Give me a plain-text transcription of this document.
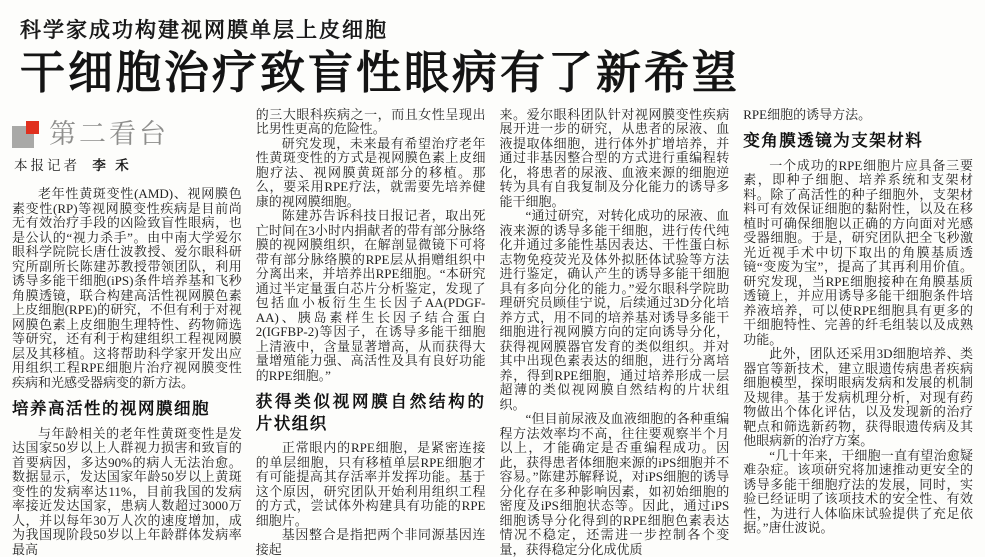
科学家成功构建视网膜单层上皮细胞
干细胞治疗致盲性眼病有了新希望
第二看台
本报记者 李 禾

老年性黄斑变性(AMD)、视网膜色素变性(RP)等视网膜变性疾病是目前尚无有效治疗手段的凶险致盲性眼病，也是公认的“视力杀手”。由中南大学爱尔眼科学院院长唐仕波教授、爱尔眼科研究所副所长陈建苏教授带领团队，利用诱导多能干细胞(iPS)条件培养基和飞秒角膜透镜，联合构建高活性视网膜色素上皮细胞(RPE)的研究，不但有利于对视网膜色素上皮细胞生理特性、药物筛选等研究，还有利于构建组织工程视网膜层及其移植。这将帮助科学家开发出应用组织工程RPE细胞片治疗视网膜变性疾病和光感受器病变的新方法。

培养高活性的视网膜细胞

与年龄相关的老年性黄斑变性是发达国家50岁以上人群视力损害和致盲的首要病因，多达90%的病人无法治愈。数据显示，发达国家年龄50岁以上黄斑变性的发病率达11%，目前我国的发病率接近发达国家，患病人数超过3000万人，并以每年30万人次的速度增加，成为我国现阶段50岁以上年龄群体发病率最高

的三大眼科疾病之一，而且女性呈现出比男性更高的危险性。

研究发现，未来最有希望治疗老年性黄斑变性的方式是视网膜色素上皮细胞疗法、视网膜黄斑部分的移植。那么，要采用RPE疗法，就需要先培养健康的视网膜细胞。

陈建苏告诉科技日报记者，取出死亡时间在3小时内捐献者的带有部分脉络膜的视网膜组织，在解剖显微镜下可将带有部分脉络膜的RPE层从捐赠组织中分离出来，并培养出RPE细胞。“本研究通过半定量蛋白芯片分析鉴定，发现了包括血小板衍生生长因子AA(PDGF-AA)、胰岛素样生长因子结合蛋白2(IGFBP-2)等因子，在诱导多能干细胞上清液中，含量显著增高，从而获得大量增殖能力强、高活性及具有良好功能的RPE细胞。”

获得类似视网膜自然结构的片状组织

正常眼内的RPE细胞，是紧密连接的单层细胞，只有移植单层RPE细胞才有可能提高其存活率并发挥功能。基于这个原因，研究团队开始利用组织工程的方式，尝试体外构建具有功能的RPE细胞片。

基因整合是指把两个非同源基因连接起

来。爱尔眼科团队针对视网膜变性疾病展开进一步的研究，从患者的尿液、血液提取体细胞，进行体外扩增培养，并通过非基因整合型的方式进行重编程转化，将患者的尿液、血液来源的细胞逆转为具有自我复制及分化能力的诱导多能干细胞。

“通过研究，对转化成功的尿液、血液来源的诱导多能干细胞，进行传代纯化并通过多能性基因表达、干性蛋白标志物免疫荧光及体外拟胚体试验等方法进行鉴定，确认产生的诱导多能干细胞具有多向分化的能力。”爱尔眼科学院助理研究员顾佳宁说，后续通过3D分化培养方式，用不同的培养基对诱导多能干细胞进行视网膜方向的定向诱导分化，获得视网膜器官发育的类似组织。并对其中出现色素表达的细胞，进行分离培养，得到RPE细胞，通过培养形成一层超薄的类似视网膜自然结构的片状组织。

“但目前尿液及血液细胞的各种重编程方法效率均不高，往往要观察半个月以上，才能确定是否重编程成功。因此，获得患者体细胞来源的iPS细胞并不容易。”陈建苏解释说，对iPS细胞的诱导分化存在多种影响因素，如初始细胞的密度及iPS细胞状态等。因此，通过iPS细胞诱导分化得到的RPE细胞色素表达情况不稳定，还需进一步控制各个变量，获得稳定分化成优质

RPE细胞的诱导方法。

变角膜透镜为支架材料

一个成功的RPE细胞片应具备三要素，即种子细胞、培养系统和支架材料。除了高活性的种子细胞外，支架材料可有效保证细胞的黏附性，以及在移植时可确保细胞以正确的方向面对光感受器细胞。于是，研究团队把全飞秒激光近视手术中切下取出的角膜基质透镜“变废为宝”，提高了其再利用价值。研究发现，当RPE细胞接种在角膜基质透镜上，并应用诱导多能干细胞条件培养液培养，可以使RPE细胞具有更多的干细胞特性、完善的纤毛组装以及成熟功能。

此外，团队还采用3D细胞培养、类器官等新技术，建立眼遗传病患者疾病细胞模型，探明眼病发病和发展的机制及规律。基于发病机理分析，对现有药物做出个体化评估，以及发现新的治疗靶点和筛选新药物，获得眼遗传病及其他眼病新的治疗方案。

“几十年来，干细胞一直有望治愈疑难杂症。该项研究将加速推动更安全的诱导多能干细胞疗法的发展，同时，实验已经证明了该项技术的安全性、有效性，为进行人体临床试验提供了充足依据。”唐仕波说。
